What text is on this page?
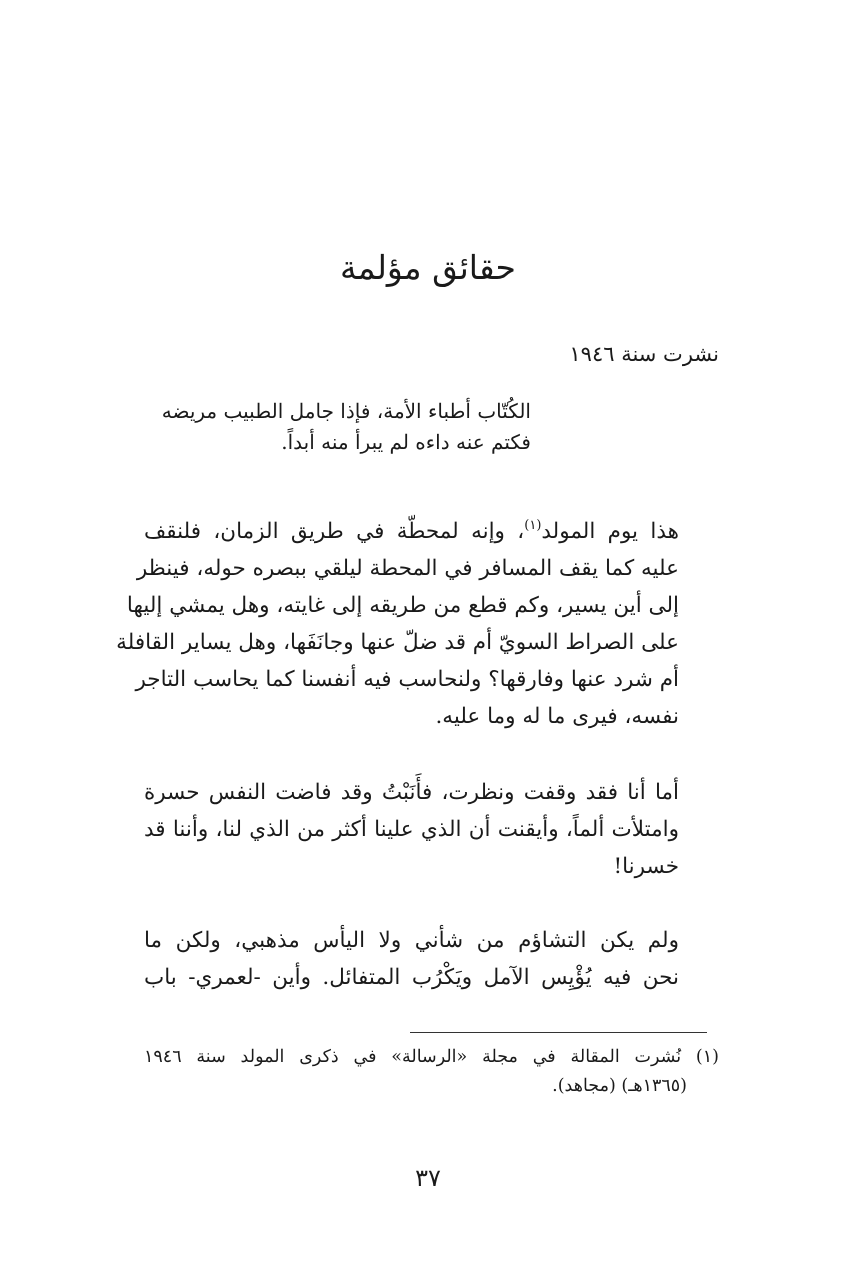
حقائق مؤلمة
نشرت سنة ١٩٤٦
الكُتّاب أطباء الأمة، فإذا جامل الطبيب مريضه
فكتم عنه داءه لم يبرأ منه أبداً.
هذا يوم المولد$^{(١)}$، وإنه لمحطّة في طريق الزمان، فلنقف
عليه كما يقف المسافر في المحطة ليلقي ببصره حوله، فينظر
إلى أين يسير، وكم قطع من طريقه إلى غايته، وهل يمشي إليها
على الصراط السويّ أم قد ضلّ عنها وجانَفَها، وهل يساير القافلة
أم شرد عنها وفارقها؟ ولنحاسب فيه أنفسنا كما يحاسب التاجر
نفسه، فيرى ما له وما عليه.
أما أنا فقد وقفت ونظرت، فأَنَبْتُ وقد فاضت النفس حسرة
وامتلأت ألماً، وأيقنت أن الذي علينا أكثر من الذي لنا، وأننا قد
خسرنا!
ولم يكن التشاؤم من شأني ولا اليأس مذهبي، ولكن ما
نحن فيه يُؤْيِس الآمل ويَكْرُب المتفائل. وأين -لعمري- باب
(١) نُشرت المقالة في مجلة «الرسالة» في ذكرى المولد سنة ١٩٤٦
(١٣٦٥هـ) (مجاهد).
٣٧
